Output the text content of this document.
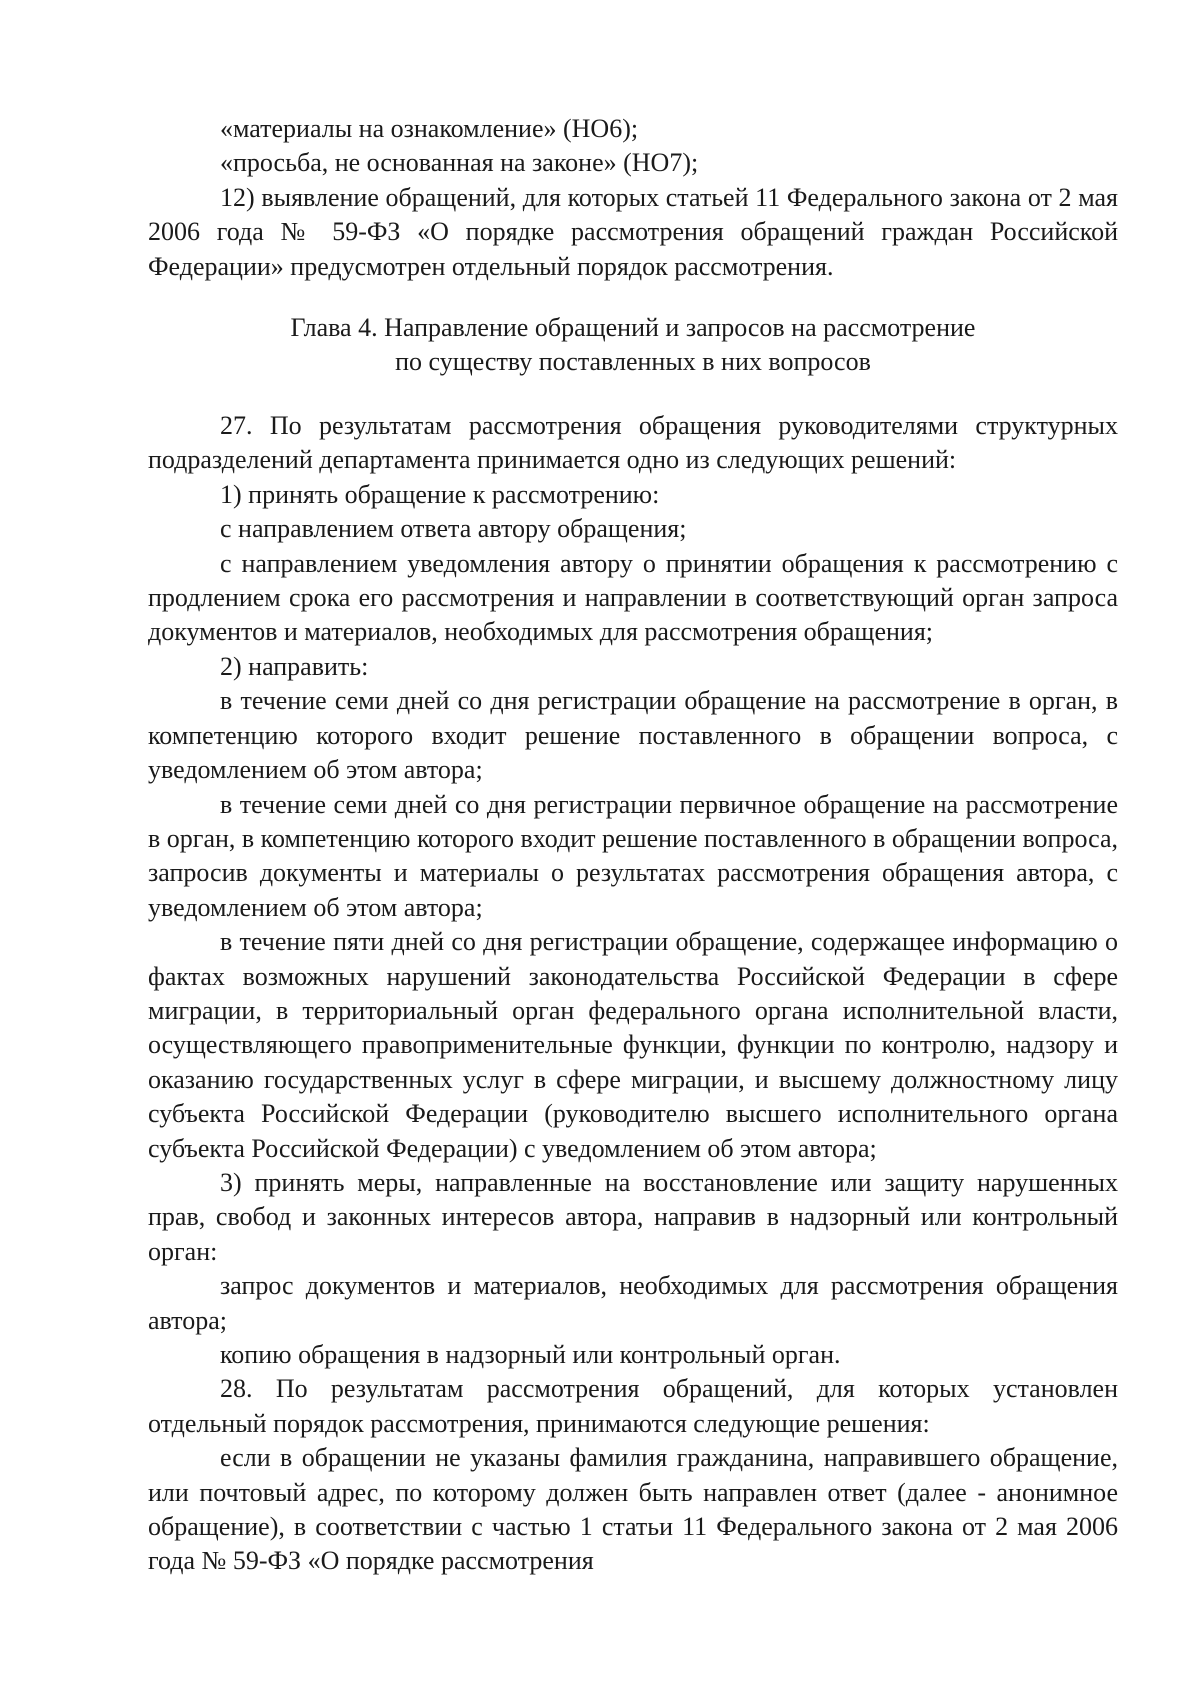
«материалы на ознакомление» (НО6);

«просьба, не основанная на законе» (НО7);

12) выявление обращений, для которых статьей 11 Федерального закона от 2 мая 2006 года № 59-ФЗ «О порядке рассмотрения обращений граждан Российской Федерации» предусмотрен отдельный порядок рассмотрения.

Глава 4. Направление обращений и запросов на рассмотрение
по существу поставленных в них вопросов

27. По результатам рассмотрения обращения руководителями структурных подразделений департамента принимается одно из следующих решений:

1) принять обращение к рассмотрению:

с направлением ответа автору обращения;

с направлением уведомления автору о принятии обращения к рассмотрению с продлением срока его рассмотрения и направлении в соответствующий орган запроса документов и материалов, необходимых для рассмотрения обращения;

2) направить:

в течение семи дней со дня регистрации обращение на рассмотрение в орган, в компетенцию которого входит решение поставленного в обращении вопроса, с уведомлением об этом автора;

в течение семи дней со дня регистрации первичное обращение на рассмотрение в орган, в компетенцию которого входит решение поставленного в обращении вопроса, запросив документы и материалы о результатах рассмотрения обращения автора, с уведомлением об этом автора;

в течение пяти дней со дня регистрации обращение, содержащее информацию о фактах возможных нарушений законодательства Российской Федерации в сфере миграции, в территориальный орган федерального органа исполнительной власти, осуществляющего правоприменительные функции, функции по контролю, надзору и оказанию государственных услуг в сфере миграции, и высшему должностному лицу субъекта Российской Федерации (руководителю высшего исполнительного органа субъекта Российской Федерации) с уведомлением об этом автора;

3) принять меры, направленные на восстановление или защиту нарушенных прав, свобод и законных интересов автора, направив в надзорный или контрольный орган:

запрос документов и материалов, необходимых для рассмотрения обращения автора;

копию обращения в надзорный или контрольный орган.

28. По результатам рассмотрения обращений, для которых установлен отдельный порядок рассмотрения, принимаются следующие решения:

если в обращении не указаны фамилия гражданина, направившего обращение, или почтовый адрес, по которому должен быть направлен ответ (далее - анонимное обращение), в соответствии с частью 1 статьи 11 Федерального закона от 2 мая 2006 года № 59-ФЗ «О порядке рассмотрения
